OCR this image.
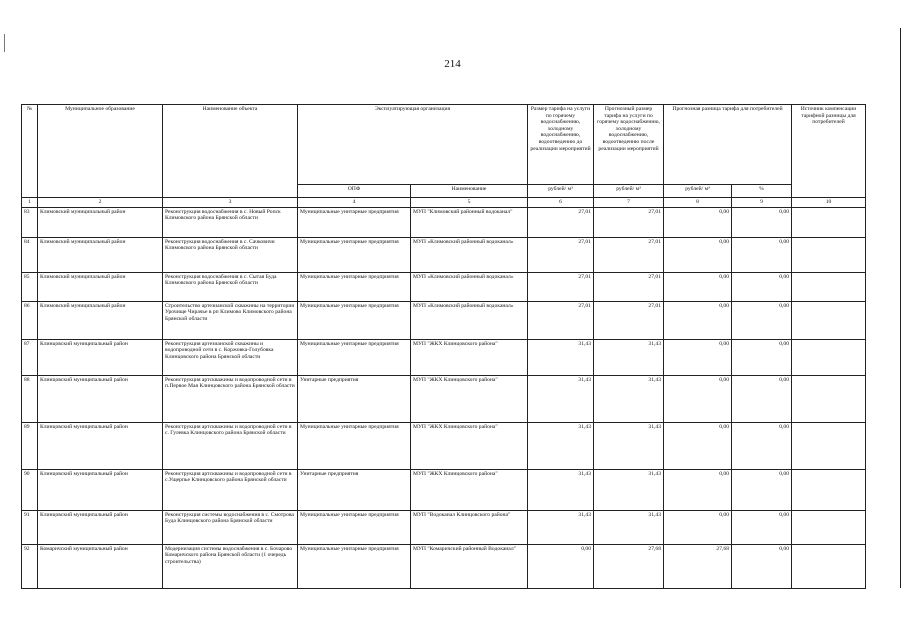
214
№	Муниципальное образование	Наименование объекта	Эксплуатирующая организация		Размер тарифа на услуги по горячему водоснабжению, холодному водоснабжению, водоотведению до реализации мероприятий	Прогнозный размер тарифа на услуги по горячему водоснабжению, холодному водоснабжению, водоотведению после реализации мероприятий	Прогнозная разница тарифа для потребителей		Источник компенсации тарифной разницы для потребителей
			ОПФ	Наименование	рублей/ м³	рублей/ м³	рублей/ м³	%	
1	2	3	4	5	6	7	8	9	10
83	Климовский муниципальный район	Реконструкция водоснабжения в с. Новый Ропск Климовского района Брянской области	Муниципальные унитарные предприятия	МУП "Климовский районный водоканал"	27,01	27,01	0,00	0,00	
84	Климовский муниципальный район	Реконструкция водоснабжения в с. Сачковичи Климовского района Брянской области	Муниципальные унитарные предприятия	МУП «Климовский районный водоканал»	27,01	27,01	0,00	0,00	
85	Климовский муниципальный район	Реконструкция водоснабжения в с. Сытая Буда Климовского района Брянской области	Муниципальные унитарные предприятия	МУП «Климовский районный водоканал»	27,01	27,01	0,00	0,00	
86	Климовский муниципальный район	Строительство артезианской скважины на территории Урочище Чирачье в рп Климово Климовского района Брянской области	Муниципальные унитарные предприятия	МУП «Климовский районный водоканал»	27,01	27,01	0,00	0,00	
87	Клинцовский муниципальный район	Реконструкция артезианской скважины и водопроводной сети в с. Коржовка-Голубовка Клинцовского района Брянской области	Муниципальные унитарные предприятия	МУП "ЖКХ Клинцовского района"	31,43	31,43	0,00	0,00	
88	Клинцовский муниципальный район	Реконструкция артскважины и водопроводной сети в п.Первое Мая Клинцовского района Брянской области	Унитарные предприятия	МУП "ЖКХ Клинцовского района"	31,43	31,43	0,00	0,00	
89	Клинцовский муниципальный район	Реконструкция артскважины и водопроводной сети в с. Гулевка Клинцовского района Брянской области	Муниципальные унитарные предприятия	МУП "ЖКХ Клинцовского района"	31,43	31,43	0,00	0,00	
90	Клинцовский муниципальный район	Реконструкция артскважины и водопроводной сети в с.Ущерпье Клинцовского района Брянской области	Унитарные предприятия	МУП "ЖКХ Клинцовского района"	31,43	31,43	0,00	0,00	
91	Клинцовский муниципальный район	Реконструкция системы водоснабжения в с. Смотрова Буда Клинцовского района Брянской области	Муниципальные унитарные предприятия	МУП "Водоканал Клинцовского района"	31,43	31,43	0,00	0,00	
92	Комаричский муниципальный район	Модернизация системы водоснабжения в с. Бочарово Комаричского района Брянской области (1 очередь строительства)	Муниципальные унитарные предприятия	МУП "Комаричский районный Водоканал"	0,00	27,68	27,68	0,00	
